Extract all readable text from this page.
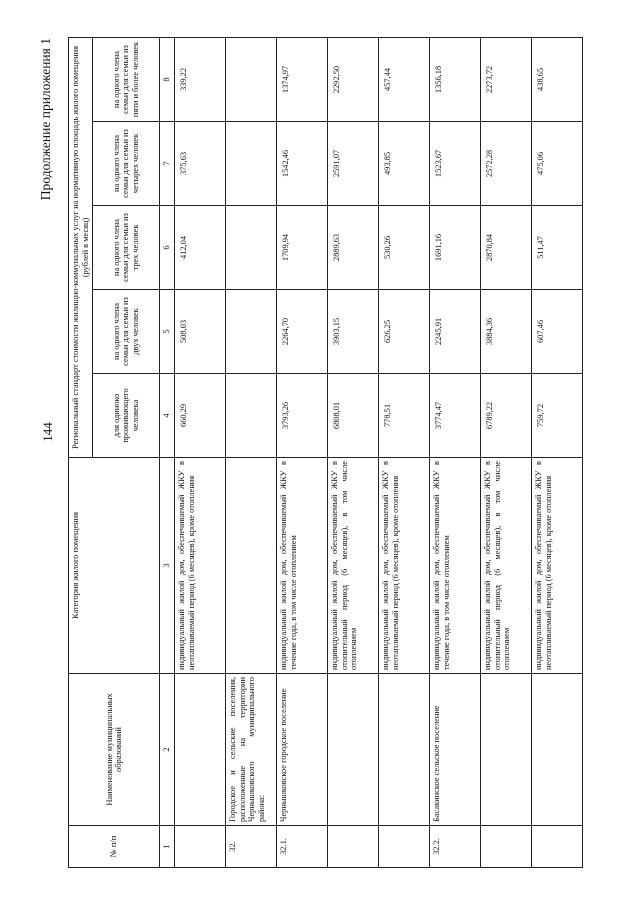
144
Продолжение приложения 1
№ п/п	Наименование муниципальных образований	Категория жилого помещения	Региональный стандарт стоимости жилищно-коммунальных услуг на нормативную площадь жилого помещения (рублей в месяц)				
			для одиноко проживающего человека	на одного члена семьи для семьи из двух человек	на одного члена семьи для семьи из трех человек	на одного члена семьи для семьи из четырех человек	на одного члена семьи для семьи из пяти и более человек
1	2	3	4	5	6	7	8
		индивидуальный жилой дом, обеспечиваемый ЖКУ в неотапливаемый период (6 месяцев), кроме отопления	660,29	508,03	412,04	375,63	339,22
32.	Городское и сельские поселения, расположенные на территории Чернышковского муниципального района:						
32.1.	Чернышковское городское поселение	индивидуальный жилой дом, обеспечиваемый ЖКУ в течение года, в том числе отоплением	3793,26	2264,70	1709,94	1542,46	1374,97
		индивидуальный жилой дом, обеспечиваемый ЖКУ в отопительный период (6 месяцев), в том числе отоплением	6808,01	3903,15	2889,63	2591,07	2292,50
		индивидуальный жилой дом, обеспечиваемый ЖКУ в неотапливаемый период (6 месяцев), кроме отопления	778,51	626,25	530,26	493,85	457,44
32.2.	Басакинское сельское поселение	индивидуальный жилой дом, обеспечиваемый ЖКУ в течение года, в том числе отоплением	3774,47	2245,91	1691,16	1523,67	1356,18
		индивидуальный жилой дом, обеспечиваемый ЖКУ в отопительный период (6 месяцев), в том числе отоплением	6789,22	3884,36	2870,84	2572,28	2273,72
		индивидуальный жилой дом, обеспечиваемый ЖКУ в неотапливаемый период (6 месяцев), кроме отопления	759,72	607,46	511,47	475,06	438,65
